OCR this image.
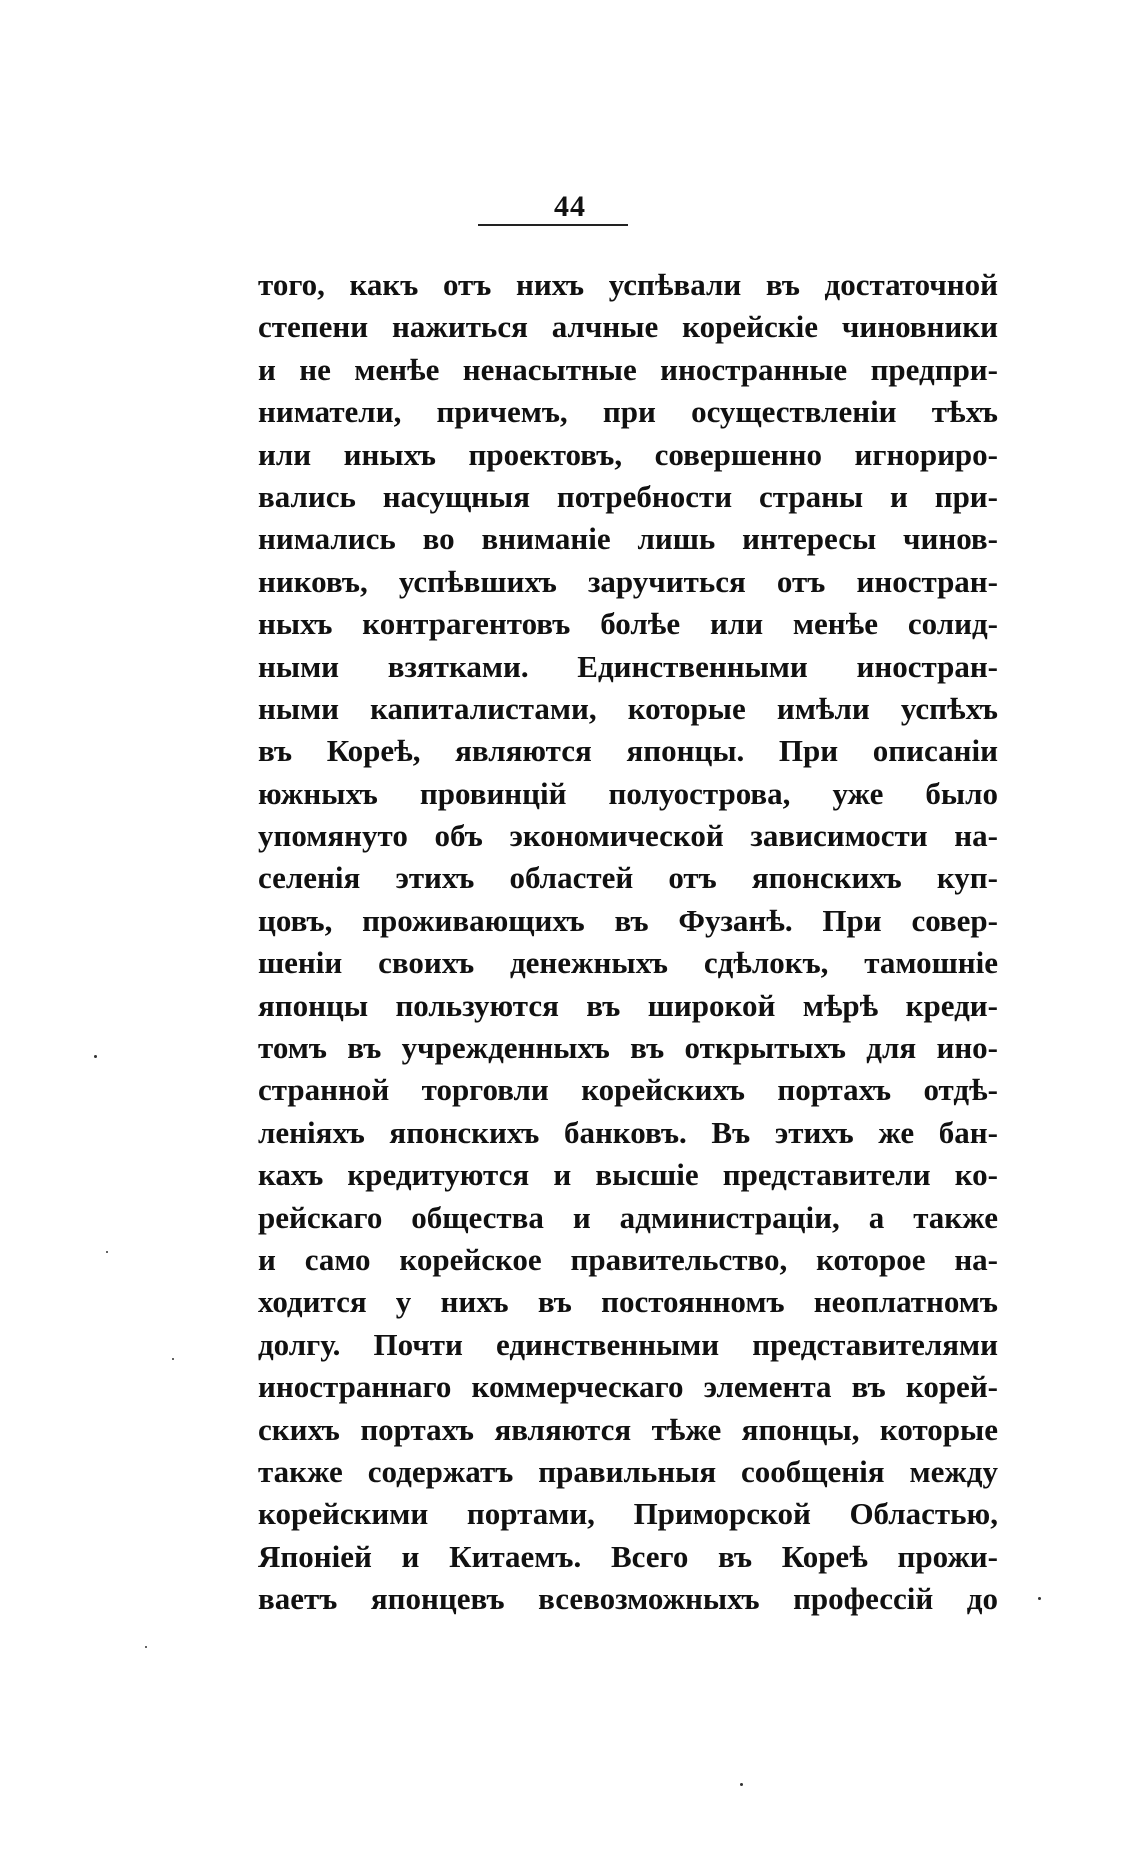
44
того, какъ отъ нихъ успѣвали въ достаточной
степени нажиться алчные корейскіе чиновники
и не менѣе ненасытные иностранные предпри-
ниматели, причемъ, при осуществленіи тѣхъ
или иныхъ проектовъ, совершенно игнориро-
вались насущныя потребности страны и при-
нимались во вниманіе лишь интересы чинов-
никовъ, успѣвшихъ заручиться отъ иностран-
ныхъ контрагентовъ болѣе или менѣе солид-
ными взятками. Единственными иностран-
ными капиталистами, которые имѣли успѣхъ
въ Кореѣ, являются японцы. При описаніи
южныхъ провинцій полуострова, уже было
упомянуто объ экономической зависимости на-
селенія этихъ областей отъ японскихъ куп-
цовъ, проживающихъ въ Фузанѣ. При совер-
шеніи своихъ денежныхъ сдѣлокъ, тамошніе
японцы пользуются въ широкой мѣрѣ креди-
томъ въ учрежденныхъ въ открытыхъ для ино-
странной торговли корейскихъ портахъ отдѣ-
леніяхъ японскихъ банковъ. Въ этихъ же бан-
кахъ кредитуются и высшіе представители ко-
рейскаго общества и администраціи, а также
и само корейское правительство, которое на-
ходится у нихъ въ постоянномъ неоплатномъ
долгу. Почти единственными представителями
иностраннаго коммерческаго элемента въ корей-
скихъ портахъ являются тѣже японцы, которые
также содержатъ правильныя сообщенія между
корейскими портами, Приморской Областью,
Японіей и Китаемъ. Всего въ Кореѣ прожи-
ваетъ японцевъ всевозможныхъ профессій до
